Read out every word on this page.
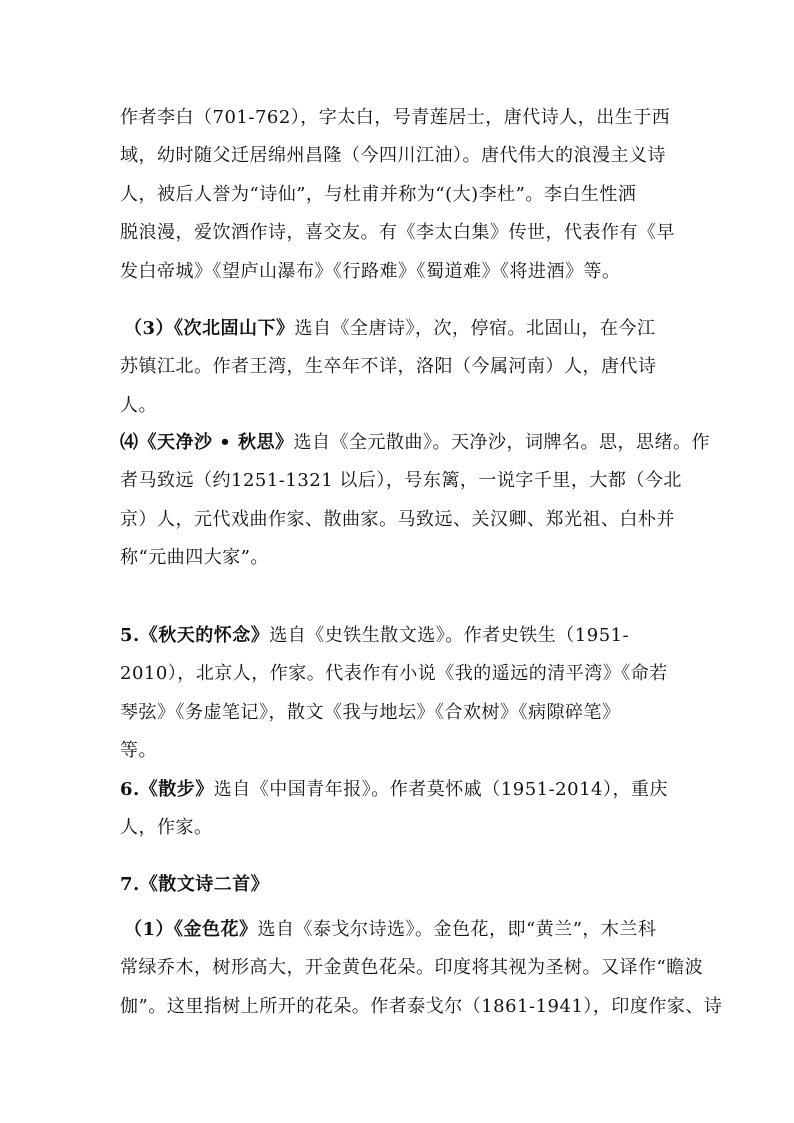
作者李白（701-762），字太白，号青莲居士，唐代诗人，出生于西
域，幼时随父迁居绵州昌隆（今四川江油）。唐代伟大的浪漫主义诗
人，被后人誉为“诗仙”，与杜甫并称为“(大)李杜”。李白生性洒
脱浪漫，爱饮酒作诗，喜交友。有《李太白集》传世，代表作有《早
发白帝城》《望庐山瀑布》《行路难》《蜀道难》《将进酒》等。
（3）《次北固山下》选自《全唐诗》，次，停宿。北固山，在今江
苏镇江北。作者王湾，生卒年不详，洛阳（今属河南）人，唐代诗
人。
⑷《天净沙 • 秋思》选自《全元散曲》。天净沙，词牌名。思，思绪。作
者马致远（约1251-1321 以后），号东篱，一说字千里，大都（今北
京）人，元代戏曲作家、散曲家。马致远、关汉卿、郑光祖、白朴并
称“元曲四大家”。
5.《秋天的怀念》选自《史铁生散文选》。作者史铁生（1951-
2010），北京人，作家。代表作有小说《我的遥远的清平湾》《命若
琴弦》《务虚笔记》，散文《我与地坛》《合欢树》《病隙碎笔》
等。
6.《散步》选自《中国青年报》。作者莫怀戚（1951-2014），重庆
人，作家。
7.《散文诗二首》
（1）《金色花》选自《泰戈尔诗选》。金色花，即“黄兰”，木兰科
常绿乔木，树形高大，开金黄色花朵。印度将其视为圣树。又译作“瞻波
伽”。这里指树上所开的花朵。作者泰戈尔（1861-1941），印度作家、诗
